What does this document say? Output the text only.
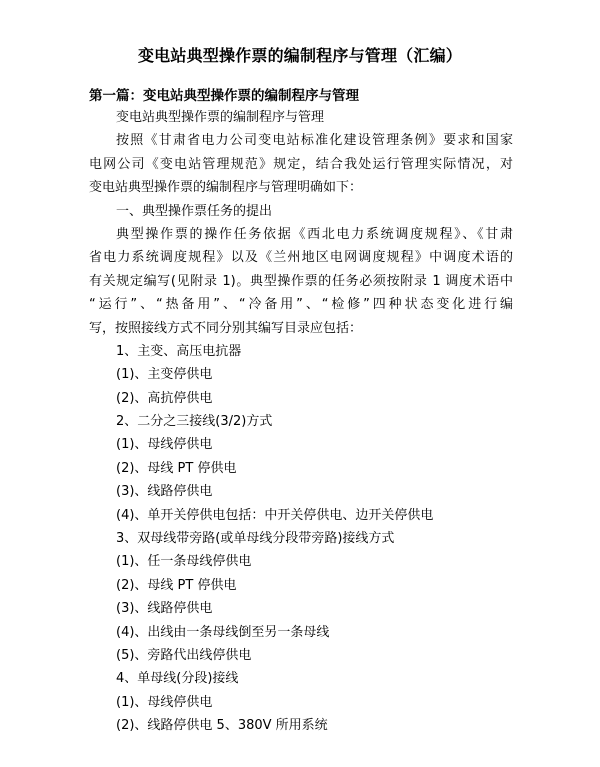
变电站典型操作票的编制程序与管理（汇编）
第一篇：变电站典型操作票的编制程序与管理
变电站典型操作票的编制程序与管理
按照《甘肃省电力公司变电站标准化建设管理条例》要求和国家
电网公司《变电站管理规范》规定，结合我处运行管理实际情况，对
变电站典型操作票的编制程序与管理明确如下：
一、典型操作票任务的提出
典型操作票的操作任务依据《西北电力系统调度规程》、《甘肃
省电力系统调度规程》以及《兰州地区电网调度规程》中调度术语的
有关规定编写(见附录 1)。典型操作票的任务必须按附录 1 调度术语中
“运行”、“热备用”、“冷备用”、“检修”四种状态变化进行编
写，按照接线方式不同分别其编写目录应包括：
1、主变、高压电抗器
(1)、主变停供电
(2)、高抗停供电
2、二分之三接线(3/2)方式
(1)、母线停供电
(2)、母线 PT 停供电
(3)、线路停供电
(4)、单开关停供电包括：中开关停供电、边开关停供电
3、双母线带旁路(或单母线分段带旁路)接线方式
(1)、任一条母线停供电
(2)、母线 PT 停供电
(3)、线路停供电
(4)、出线由一条母线倒至另一条母线
(5)、旁路代出线停供电
4、单母线(分段)接线
(1)、母线停供电
(2)、线路停供电 5、380V 所用系统
